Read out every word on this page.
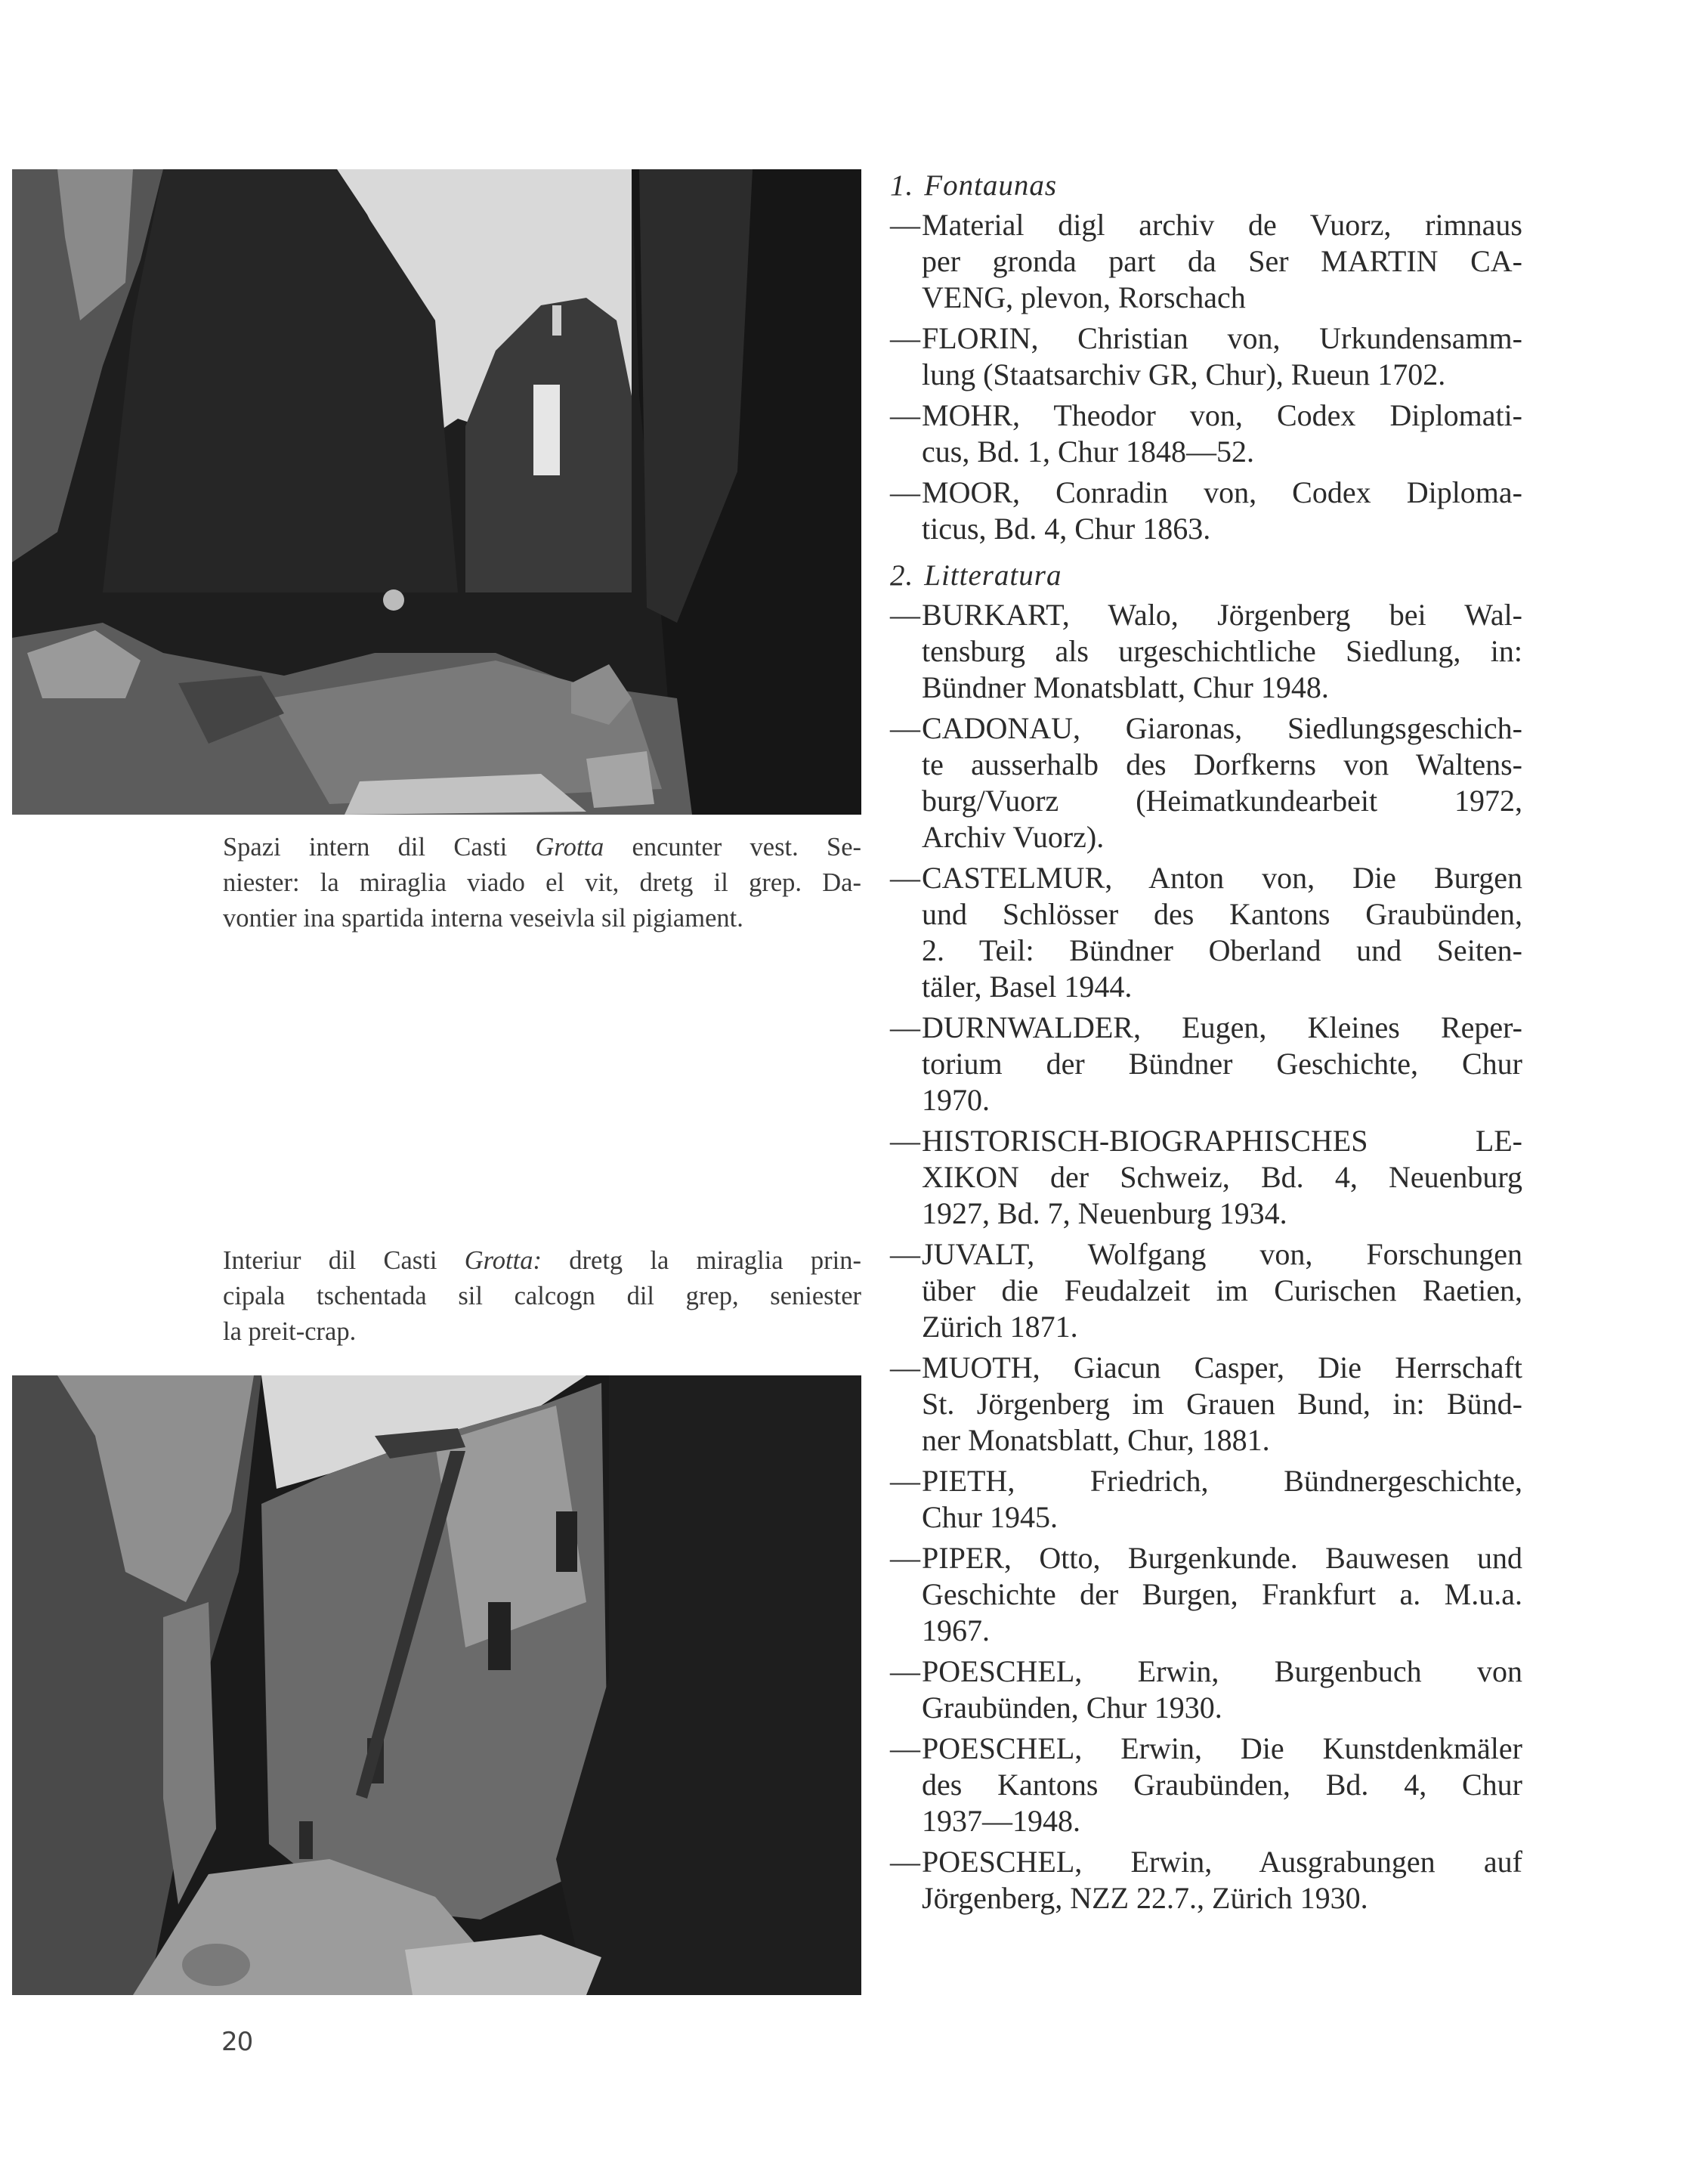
Spazi intern dil Casti Grotta encunter vest. Se-
niester: la miraglia viado el vit, dretg il grep. Da-
vontier ina spartida interna veseivla sil pigiament.
Interiur dil Casti Grotta: dretg la miraglia prin-
cipala tschentada sil calcogn dil grep, seniester
la preit-crap.
1. Fontaunas
— Material digl archiv de Vuorz, rimnaus
per gronda part da Ser MARTIN CA-
VENG, plevon, Rorschach
— FLORIN, Christian von, Urkundensamm-
lung (Staatsarchiv GR, Chur), Rueun 1702.
— MOHR, Theodor von, Codex Diplomati-
cus, Bd. 1, Chur 1848—52.
— MOOR, Conradin von, Codex Diploma-
ticus, Bd. 4, Chur 1863.
2. Litteratura
— BURKART, Walo, Jörgenberg bei Wal-
tensburg als urgeschichtliche Siedlung, in:
Bündner Monatsblatt, Chur 1948.
— CADONAU, Giaronas, Siedlungsgeschich-
te ausserhalb des Dorfkerns von Waltens-
burg/Vuorz (Heimatkundearbeit 1972,
Archiv Vuorz).
— CASTELMUR, Anton von, Die Burgen
und Schlösser des Kantons Graubünden,
2. Teil: Bündner Oberland und Seiten-
täler, Basel 1944.
— DURNWALDER, Eugen, Kleines Reper-
torium der Bündner Geschichte, Chur
1970.
— HISTORISCH-BIOGRAPHISCHES LE-
XIKON der Schweiz, Bd. 4, Neuenburg
1927, Bd. 7, Neuenburg 1934.
— JUVALT, Wolfgang von, Forschungen
über die Feudalzeit im Curischen Raetien,
Zürich 1871.
— MUOTH, Giacun Casper, Die Herrschaft
St. Jörgenberg im Grauen Bund, in: Bünd-
ner Monatsblatt, Chur, 1881.
— PIETH, Friedrich, Bündnergeschichte,
Chur 1945.
— PIPER, Otto, Burgenkunde. Bauwesen und
Geschichte der Burgen, Frankfurt a. M.u.a.
1967.
— POESCHEL, Erwin, Burgenbuch von
Graubünden, Chur 1930.
— POESCHEL, Erwin, Die Kunstdenkmäler
des Kantons Graubünden, Bd. 4, Chur
1937—1948.
— POESCHEL, Erwin, Ausgrabungen auf
Jörgenberg, NZZ 22.7., Zürich 1930.
20
